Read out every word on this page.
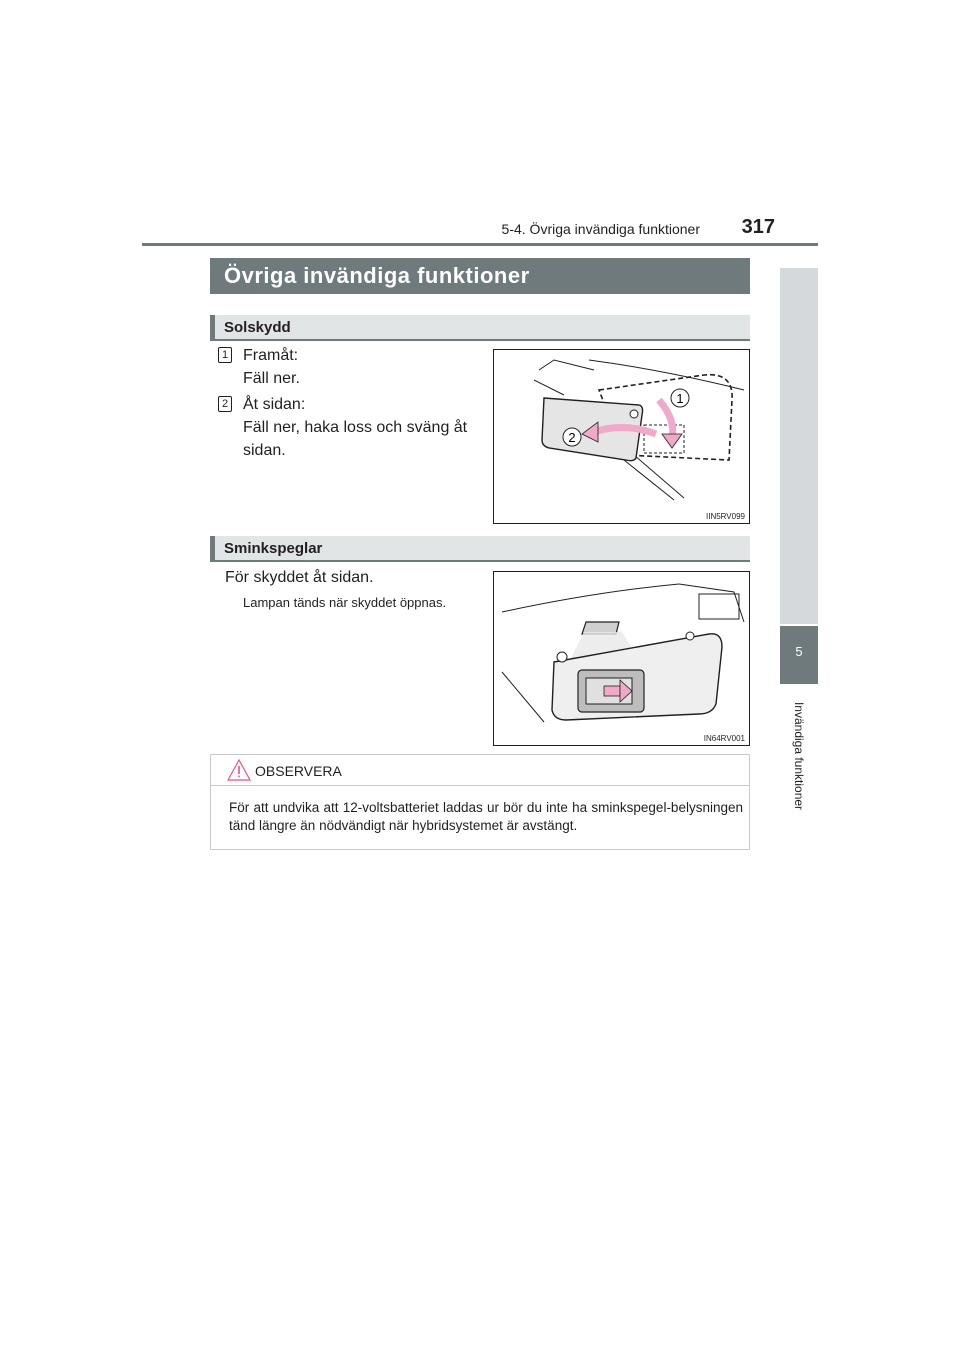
5-4. Övriga invändiga funktioner	317
5
Invändiga funktioner
Övriga invändiga funktioner
Solskydd
1 Framåt:
Fäll ner.
2 Åt sidan:
Fäll ner, haka loss och sväng åt
sidan.
1
2
IIN5RV099
Sminkspeglar
För skyddet åt sidan.
Lampan tänds när skyddet öppnas.
IN64RV001
OBSERVERA
För att undvika att 12-voltsbatteriet laddas ur bör du inte ha sminkspegel-belysningen tänd längre än nödvändigt när hybridsystemet är avstängt.
